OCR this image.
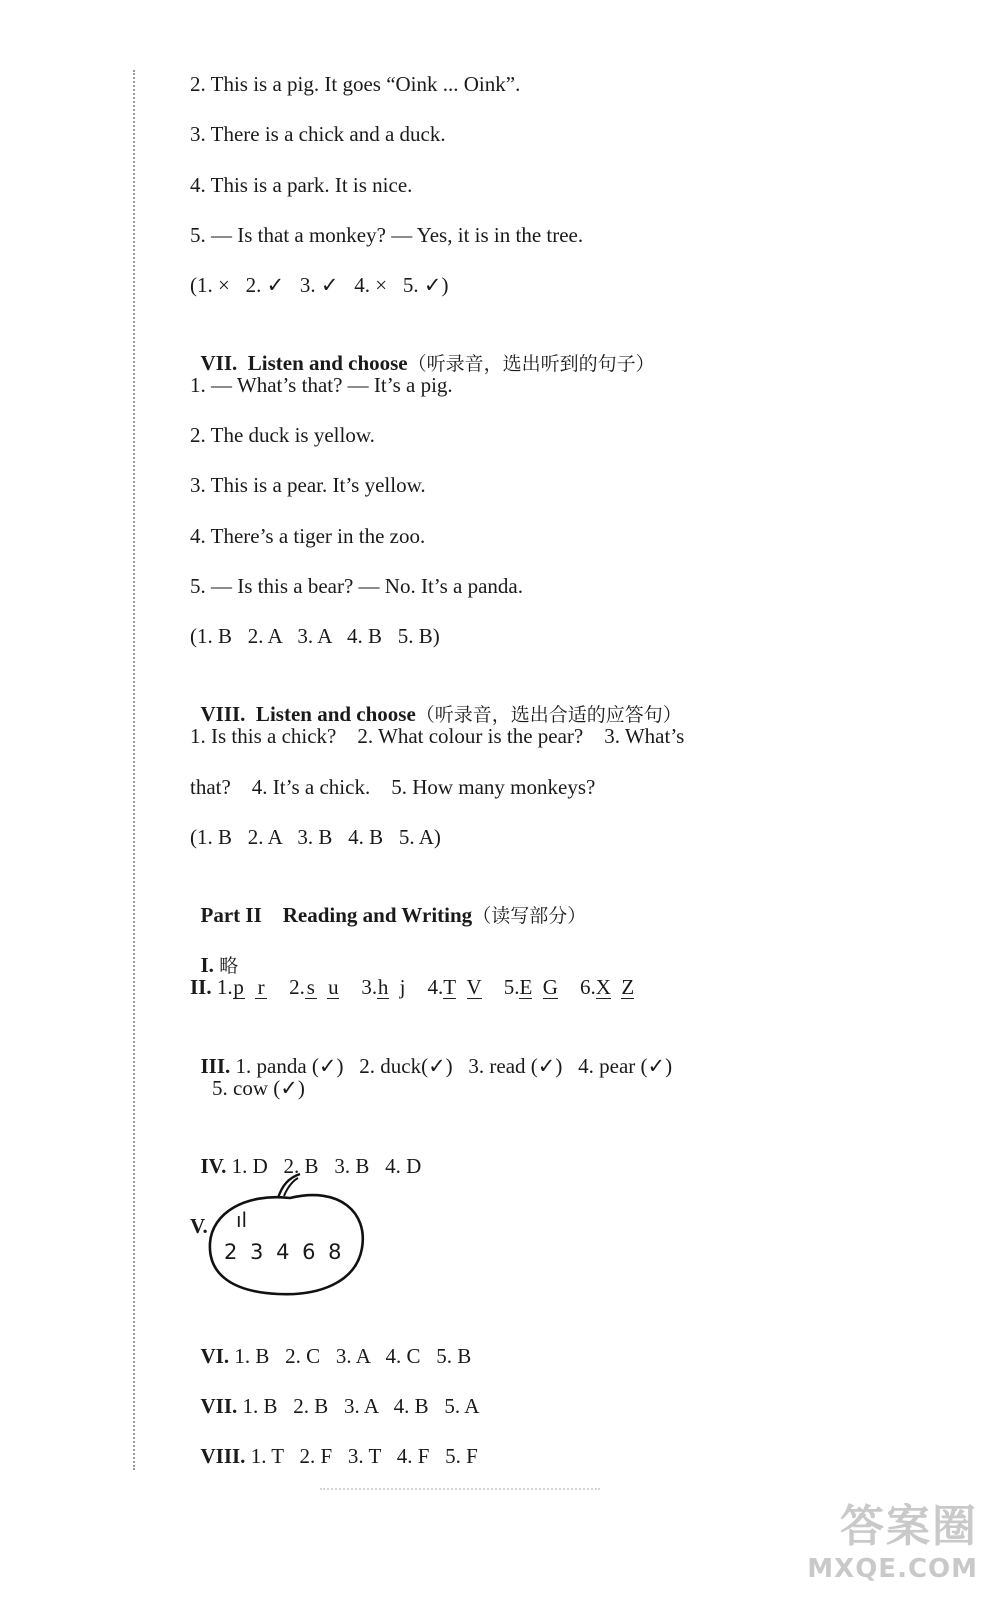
2. This is a pig. It goes “Oink ... Oink”.
3. There is a chick and a duck.
4. This is a park. It is nice.
5. — Is that a monkey? — Yes, it is in the tree.
(1. ×   2. ✓   3. ✓   4. ×   5. ✓)

VII.  Listen and choose（听录音，选出听到的句子）

1. — What’s that? — It’s a pig.
2. The duck is yellow.
3. This is a pear. It’s yellow.
4. There’s a tiger in the zoo.
5. — Is this a bear? — No. It’s a panda.
(1. B   2. A   3. A   4. B   5. B)

VIII.  Listen and choose（听录音，选出合适的应答句）

1. Is this a chick?    2. What colour is the pear?    3. What’s
that?    4. It’s a chick.    5. How many monkeys?
(1. B   2. A   3. B   4. B   5. A)

Part II    Reading and Writing（读写部分）

I. 略

II. 1.p r 2.s u 3.h j 4.T V 5.E G 6.X Z

III. 1. panda (✓)   2. duck(✓)   3. read (✓)   4. pear (✓)

5. cow (✓)

IV. 1. D   2. B   3. B   4. D

V. ıl
2 3 4 6 8

VI. 1. B   2. C   3. A   4. C   5. B

VII. 1. B   2. B   3. A   4. B   5. A

VIII. 1. T   2. F   3. T   4. F   5. F

答案圈
MXQE.COM
